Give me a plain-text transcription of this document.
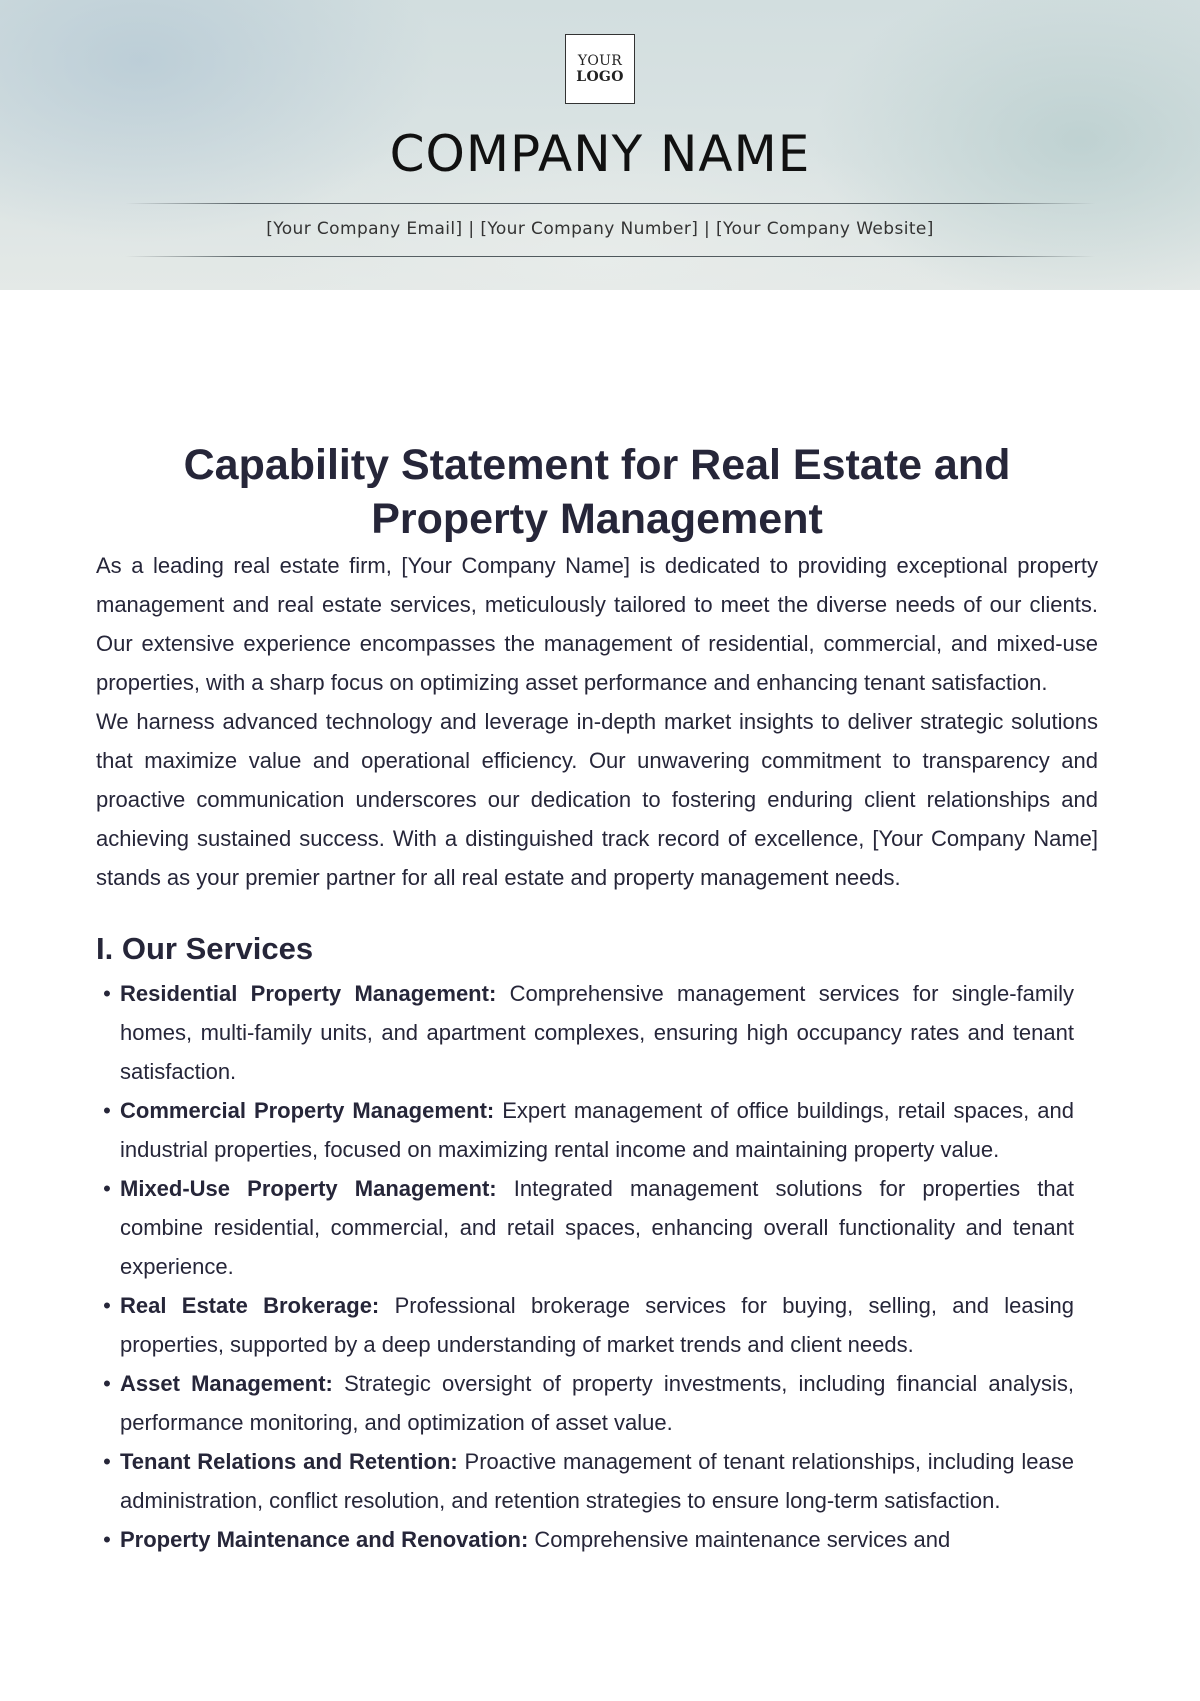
YOUR
LOGO
COMPANY NAME
[Your Company Email] | [Your Company Number] | [Your Company Website]
Capability Statement for Real Estate and Property Management

As a leading real estate firm, [Your Company Name] is dedicated to providing exceptional property management and real estate services, meticulously tailored to meet the diverse needs of our clients. Our extensive experience encompasses the management of residential, commercial, and mixed-use properties, with a sharp focus on optimizing asset performance and enhancing tenant satisfaction.

We harness advanced technology and leverage in-depth market insights to deliver strategic solutions that maximize value and operational efficiency. Our unwavering commitment to transparency and proactive communication underscores our dedication to fostering enduring client relationships and achieving sustained success. With a distinguished track record of excellence, [Your Company Name] stands as your premier partner for all real estate and property management needs.

I. Our Services
• Residential Property Management: Comprehensive management services for single-family homes, multi-family units, and apartment complexes, ensuring high occupancy rates and tenant satisfaction.
• Commercial Property Management: Expert management of office buildings, retail spaces, and industrial properties, focused on maximizing rental income and maintaining property value.
• Mixed-Use Property Management: Integrated management solutions for properties that combine residential, commercial, and retail spaces, enhancing overall functionality and tenant experience.
• Real Estate Brokerage: Professional brokerage services for buying, selling, and leasing properties, supported by a deep understanding of market trends and client needs.
• Asset Management: Strategic oversight of property investments, including financial analysis, performance monitoring, and optimization of asset value.
• Tenant Relations and Retention: Proactive management of tenant relationships, including lease administration, conflict resolution, and retention strategies to ensure long-term satisfaction.
• Property Maintenance and Renovation: Comprehensive maintenance services and
